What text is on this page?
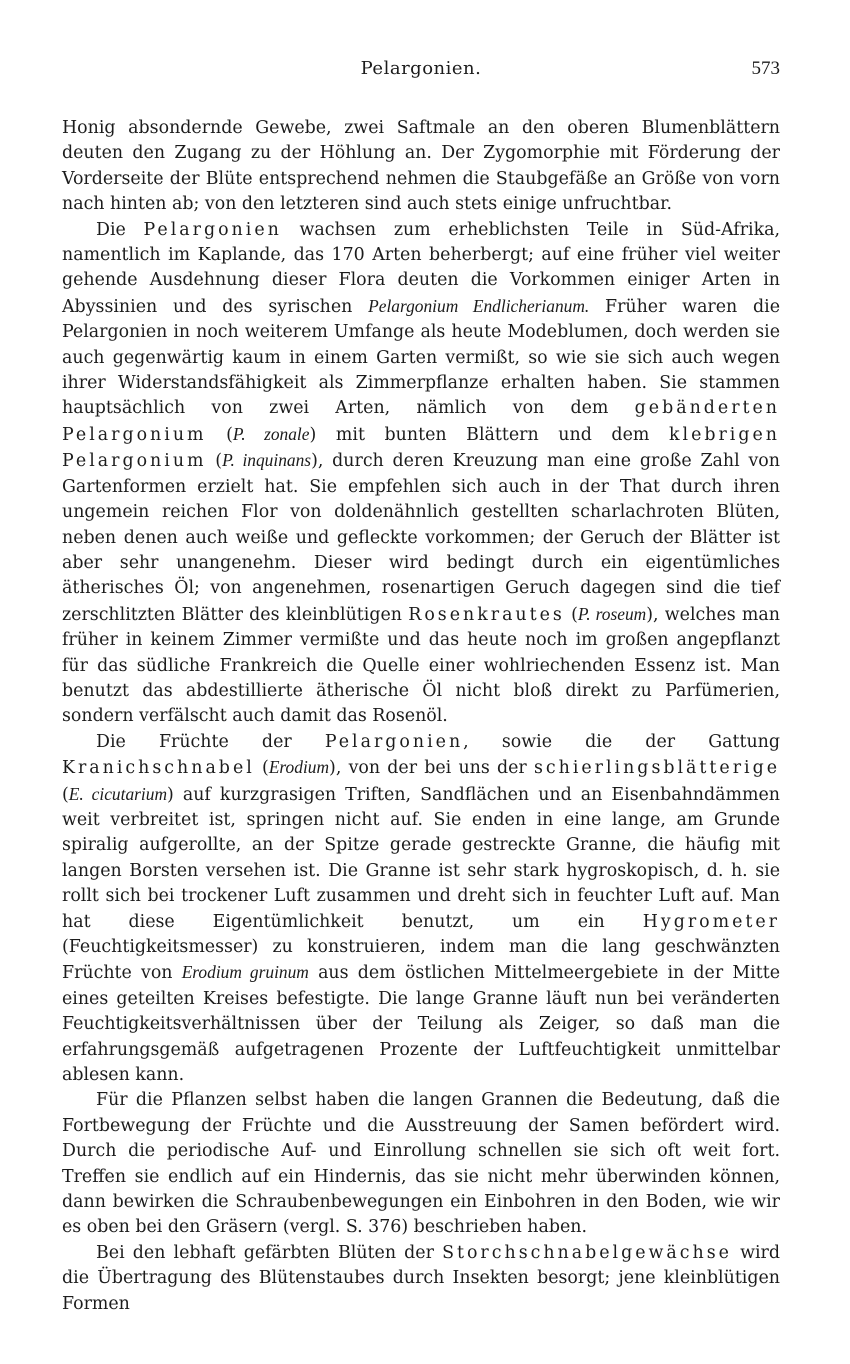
Pelargonien.	573

Honig absondernde Gewebe, zwei Saftmale an den oberen Blumenblättern deuten den Zugang zu der Höhlung an. Der Zygomorphie mit Förderung der Vorderseite der Blüte entsprechend nehmen die Staubgefäße an Größe von vorn nach hinten ab; von den letzteren sind auch stets einige unfruchtbar.

Die Pelargonien wachsen zum erheblichsten Teile in Süd-Afrika, namentlich im Kaplande, das 170 Arten beherbergt; auf eine früher viel weiter gehende Ausdehnung dieser Flora deuten die Vorkommen einiger Arten in Abyssinien und des syrischen Pelargonium Endlicherianum. Früher waren die Pelargonien in noch weiterem Umfange als heute Modeblumen, doch werden sie auch gegenwärtig kaum in einem Garten vermißt, so wie sie sich auch wegen ihrer Widerstandsfähigkeit als Zimmerpflanze erhalten haben. Sie stammen hauptsächlich von zwei Arten, nämlich von dem gebänderten Pelargonium (P. zonale) mit bunten Blättern und dem klebrigen Pelargonium (P. inquinans), durch deren Kreuzung man eine große Zahl von Gartenformen erzielt hat. Sie empfehlen sich auch in der That durch ihren ungemein reichen Flor von doldenähnlich gestellten scharlachroten Blüten, neben denen auch weiße und gefleckte vorkommen; der Geruch der Blätter ist aber sehr unangenehm. Dieser wird bedingt durch ein eigentümliches ätherisches Öl; von angenehmen, rosenartigen Geruch dagegen sind die tief zerschlitzten Blätter des kleinblütigen Rosenkrautes (P. roseum), welches man früher in keinem Zimmer vermißte und das heute noch im großen angepflanzt für das südliche Frankreich die Quelle einer wohlriechenden Essenz ist. Man benutzt das abdestillierte ätherische Öl nicht bloß direkt zu Parfümerien, sondern verfälscht auch damit das Rosenöl.

Die Früchte der Pelargonien, sowie die der Gattung Kranichschnabel (Erodium), von der bei uns der schierlingsblätterige (E. cicutarium) auf kurzgrasigen Triften, Sandflächen und an Eisenbahndämmen weit verbreitet ist, springen nicht auf. Sie enden in eine lange, am Grunde spiralig aufgerollte, an der Spitze gerade gestreckte Granne, die häufig mit langen Borsten versehen ist. Die Granne ist sehr stark hygroskopisch, d. h. sie rollt sich bei trockener Luft zusammen und dreht sich in feuchter Luft auf. Man hat diese Eigentümlichkeit benutzt, um ein Hygrometer (Feuchtigkeitsmesser) zu konstruieren, indem man die lang geschwänzten Früchte von Erodium gruinum aus dem östlichen Mittelmeergebiete in der Mitte eines geteilten Kreises befestigte. Die lange Granne läuft nun bei veränderten Feuchtigkeitsverhältnissen über der Teilung als Zeiger, so daß man die erfahrungsgemäß aufgetragenen Prozente der Luftfeuchtigkeit unmittelbar ablesen kann.

Für die Pflanzen selbst haben die langen Grannen die Bedeutung, daß die Fortbewegung der Früchte und die Ausstreuung der Samen befördert wird. Durch die periodische Auf- und Einrollung schnellen sie sich oft weit fort. Treffen sie endlich auf ein Hindernis, das sie nicht mehr überwinden können, dann bewirken die Schraubenbewegungen ein Einbohren in den Boden, wie wir es oben bei den Gräsern (vergl. S. 376) beschrieben haben.

Bei den lebhaft gefärbten Blüten der Storchschnabelgewächse wird die Übertragung des Blütenstaubes durch Insekten besorgt; jene kleinblütigen Formen
